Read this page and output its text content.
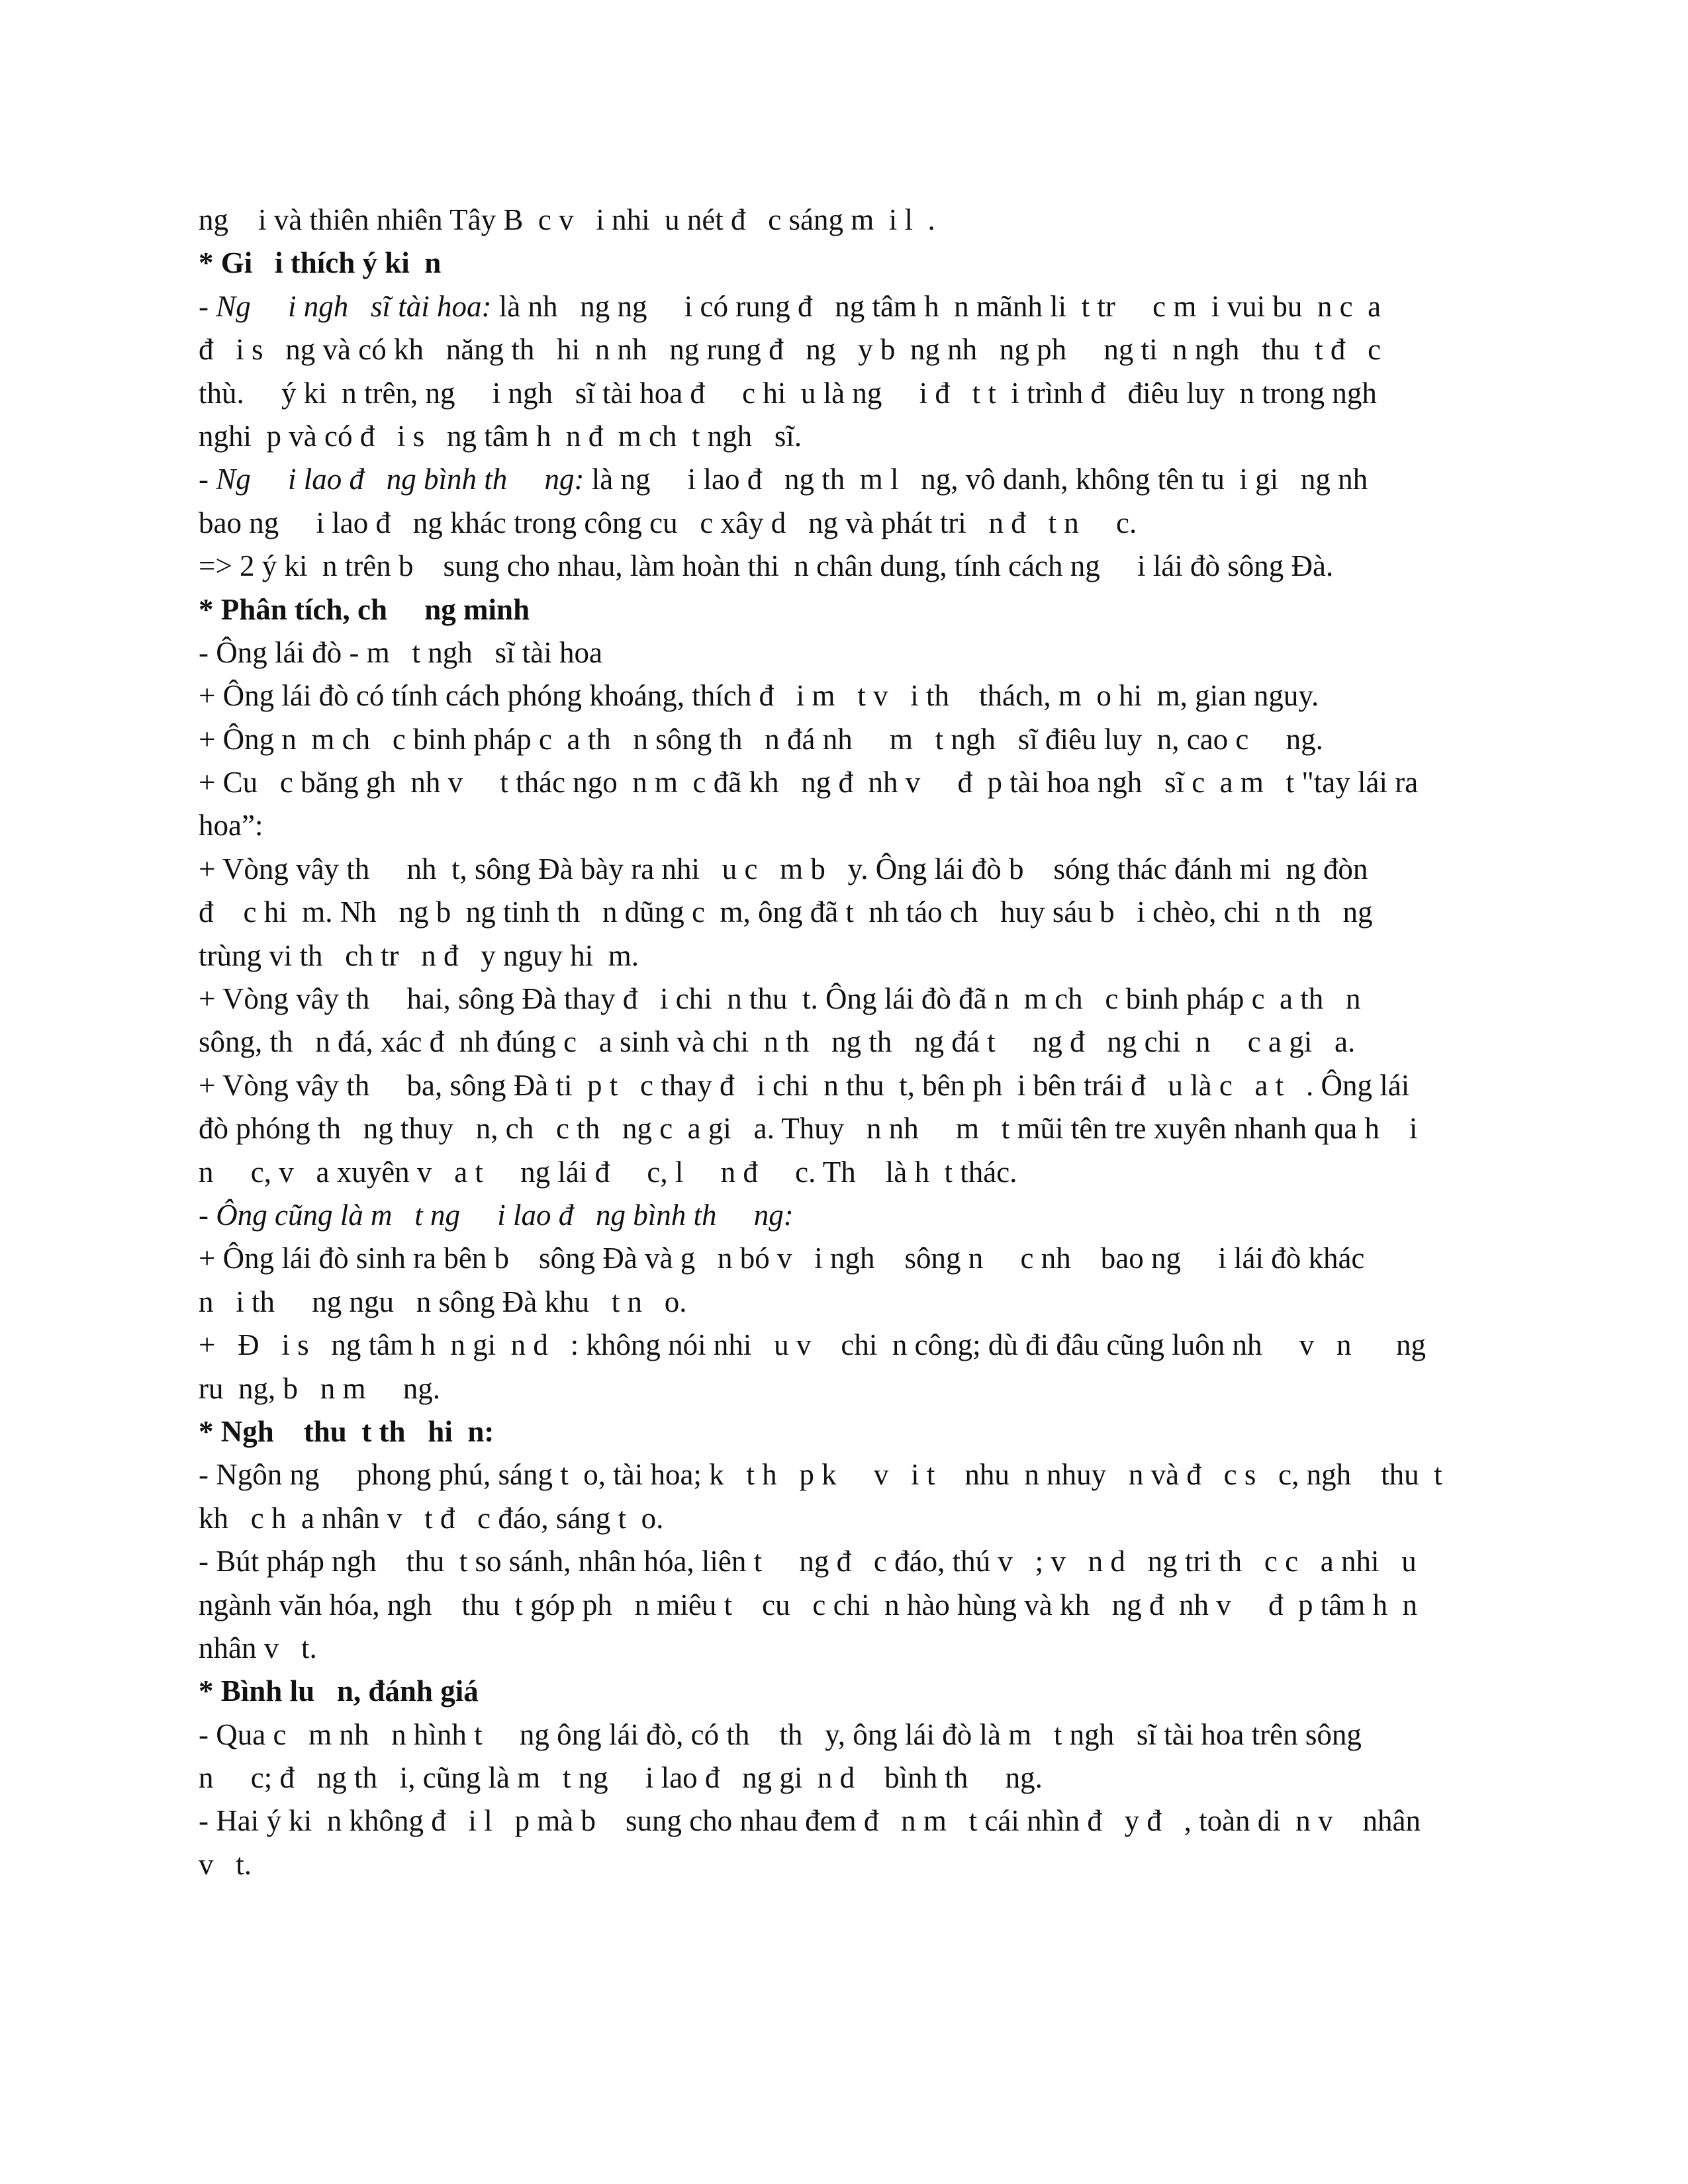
ng    i và thiên nhiên Tây B  c v   i nhi  u nét đ   c sáng m  i l  .
* Gi   i thích ý ki  n
- Ng     i ngh   sĩ tài hoa: là nh   ng ng     i có rung đ   ng tâm h  n mãnh li  t tr     c m  i vui bu  n c  a
đ   i s   ng và có kh   năng th   hi  n nh   ng rung đ   ng   y b  ng nh   ng ph     ng ti  n ngh   thu  t đ   c
thù.     ý ki  n trên, ng     i ngh   sĩ tài hoa đ     c hi  u là ng     i đ   t t  i trình đ   điêu luy  n trong ngh
nghi  p và có đ   i s   ng tâm h  n đ  m ch  t ngh   sĩ.
- Ng     i lao đ   ng bình th     ng: là ng     i lao đ   ng th  m l   ng, vô danh, không tên tu  i gi   ng nh
bao ng     i lao đ   ng khác trong công cu   c xây d   ng và phát tri   n đ   t n     c.
=> 2 ý ki  n trên b    sung cho nhau, làm hoàn thi  n chân dung, tính cách ng     i lái đò sông Đà.
* Phân tích, ch     ng minh
- Ông lái đò - m   t ngh   sĩ tài hoa
+ Ông lái đò có tính cách phóng khoáng, thích đ   i m   t v   i th    thách, m  o hi  m, gian nguy.
+ Ông n  m ch   c binh pháp c  a th   n sông th   n đá nh     m   t ngh   sĩ điêu luy  n, cao c     ng.
+ Cu   c băng gh  nh v     t thác ngo  n m  c đã kh   ng đ  nh v     đ  p tài hoa ngh   sĩ c  a m   t "tay lái ra
hoa”:
+ Vòng vây th     nh  t, sông Đà bày ra nhi   u c   m b   y. Ông lái đò b    sóng thác đánh mi  ng đòn
đ    c hi  m. Nh   ng b  ng tinh th   n dũng c  m, ông đã t  nh táo ch   huy sáu b   i chèo, chi  n th   ng
trùng vi th   ch tr   n đ   y nguy hi  m.
+ Vòng vây th     hai, sông Đà thay đ   i chi  n thu  t. Ông lái đò đã n  m ch   c binh pháp c  a th   n
sông, th   n đá, xác đ  nh đúng c   a sinh và chi  n th   ng th   ng đá t     ng đ   ng chi  n     c a gi   a.
+ Vòng vây th     ba, sông Đà ti  p t   c thay đ   i chi  n thu  t, bên ph  i bên trái đ   u là c   a t   . Ông lái
đò phóng th   ng thuy   n, ch   c th   ng c  a gi   a. Thuy   n nh     m   t mũi tên tre xuyên nhanh qua h    i
n     c, v   a xuyên v   a t     ng lái đ     c, l     n đ     c. Th    là h  t thác.
- Ông cũng là m   t ng     i lao đ   ng bình th     ng:
+ Ông lái đò sinh ra bên b    sông Đà và g   n bó v   i ngh    sông n     c nh    bao ng     i lái đò khác
n   i th     ng ngu   n sông Đà khu   t n   o.
+   Đ   i s   ng tâm h  n gi  n d   : không nói nhi   u v    chi  n công; dù đi đâu cũng luôn nh     v   n      ng
ru  ng, b   n m     ng.
* Ngh    thu  t th   hi  n:
- Ngôn ng     phong phú, sáng t  o, tài hoa; k   t h   p k     v   i t    nhu  n nhuy   n và đ   c s   c, ngh    thu  t
kh   c h  a nhân v   t đ   c đáo, sáng t  o.
- Bút pháp ngh    thu  t so sánh, nhân hóa, liên t     ng đ   c đáo, thú v   ; v   n d   ng tri th   c c   a nhi   u
ngành văn hóa, ngh    thu  t góp ph   n miêu t    cu   c chi  n hào hùng và kh   ng đ  nh v     đ  p tâm h  n
nhân v   t.
* Bình lu   n, đánh giá
- Qua c   m nh   n hình t     ng ông lái đò, có th    th   y, ông lái đò là m   t ngh   sĩ tài hoa trên sông
n     c; đ   ng th   i, cũng là m   t ng     i lao đ   ng gi  n d    bình th     ng.
- Hai ý ki  n không đ   i l   p mà b    sung cho nhau đem đ   n m   t cái nhìn đ   y đ   , toàn di  n v    nhân
v   t.
